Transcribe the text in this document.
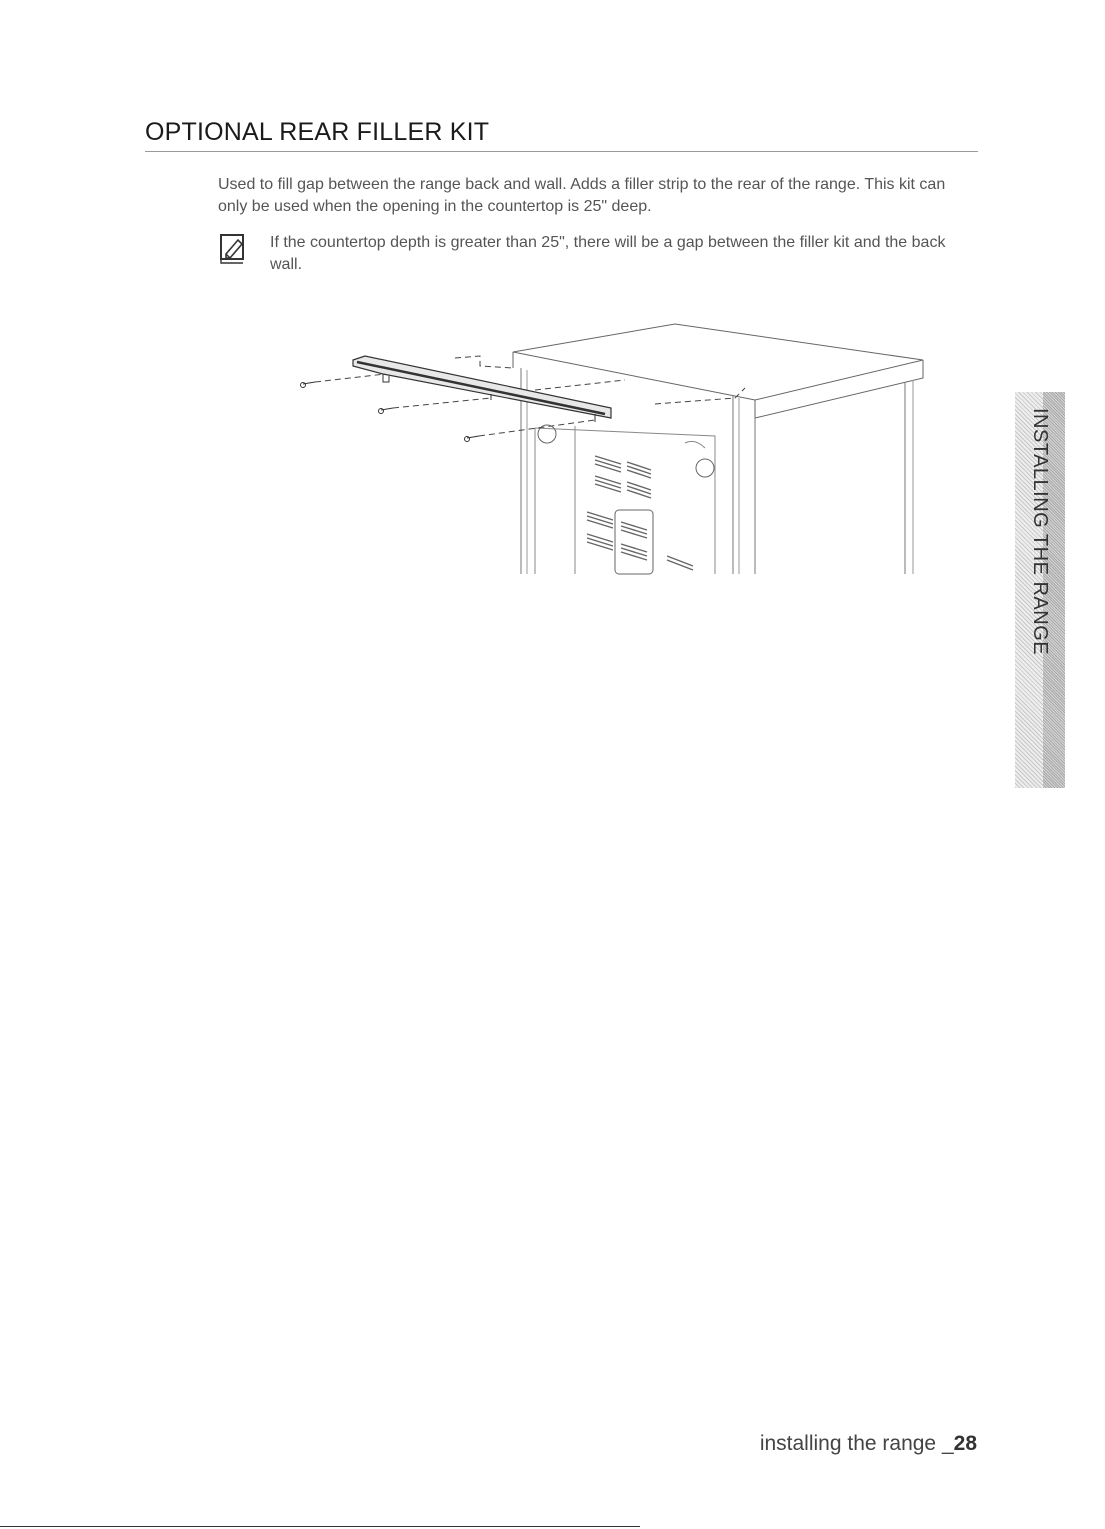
OPTIONAL REAR FILLER KIT

Used to fill gap between the range back and wall. Adds a filler strip to the rear of the range. This kit can only be used when the opening in the countertop is 25" deep.

If the countertop depth is greater than 25", there will be a gap between the filler kit and the back wall.

INSTALLING THE RANGE
installing the range _28
